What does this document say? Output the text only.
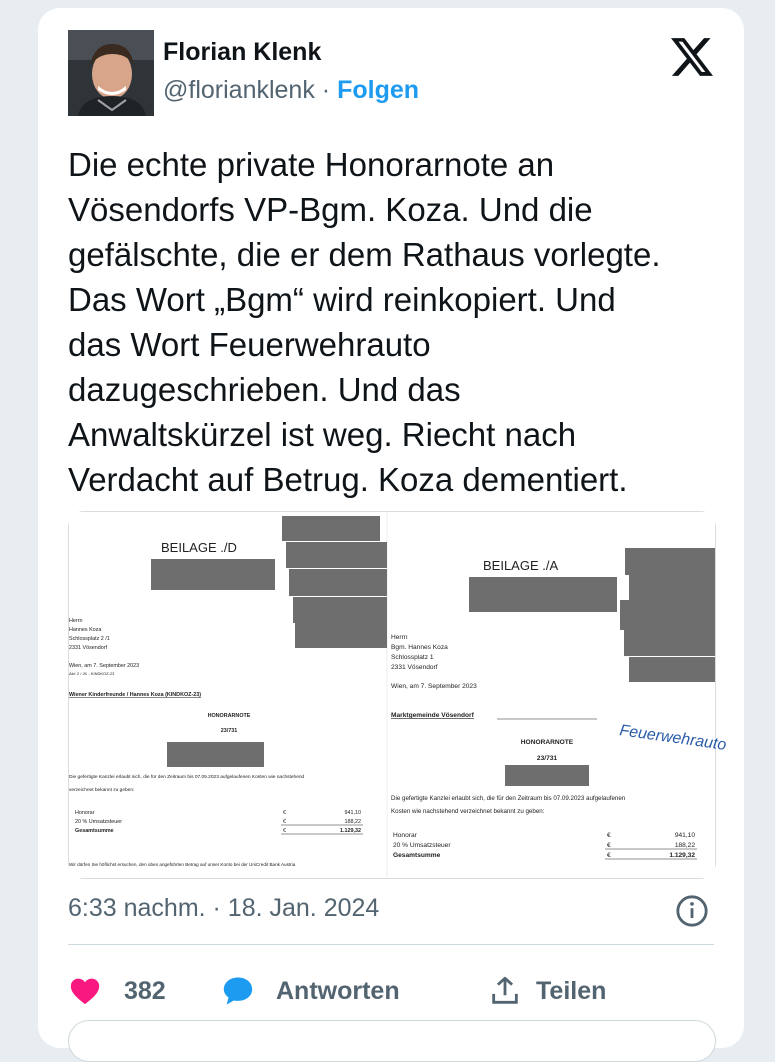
Florian Klenk
@florianklenk · Folgen
Die echte private Honorarnote an
Vösendorfs VP-Bgm. Koza. Und die
gefälschte, die er dem Rathaus vorlegte.
Das Wort „Bgm“ wird reinkopiert. Und
das Wort Feuerwehrauto
dazugeschrieben. Und das
Anwaltskürzel ist weg. Riecht nach
Verdacht auf Betrug. Koza dementiert.
BEILAGE ./D
Herrn
Hannes Koza
Schlossplatz 2 /1
2331 Vösendorf
Wien, am 7. September 2023
Akt: 2 / JK - KINDKOZ-23
Wiener Kinderfreunde / Hannes Koza (KINDKOZ-23)
HONORARNOTE
23/731
Die gefertigte Kanzlei erlaubt sich, die für den Zeitraum bis 07.09.2023 aufgelaufenen Kosten wie nachstehend
verzeichnet bekannt zu geben:
Honorar	€	941,10
20 % Umsatzsteuer	€	188,22
Gesamtsumme	€	1.129,32
Wir dürfen Sie höflichst ersuchen, den oben angeführten Betrag auf unser Konto bei der UniCredit Bank Austria
BEILAGE ./A
Herrn
Bgm. Hannes Koza
Schlossplatz 1
2331 Vösendorf
Wien, am 7. September 2023
Marktgemeinde Vösendorf
Feuerwehrauto
HONORARNOTE
23/731
Die gefertigte Kanzlei erlaubt sich, die für den Zeitraum bis 07.09.2023 aufgelaufenen
Kosten wie nachstehend verzeichnet bekannt zu geben:
Honorar	€	941,10
20 % Umsatzsteuer	€	188,22
Gesamtsumme	€	1.129,32
6:33 nachm. · 18. Jan. 2024
382	Antworten	Teilen
